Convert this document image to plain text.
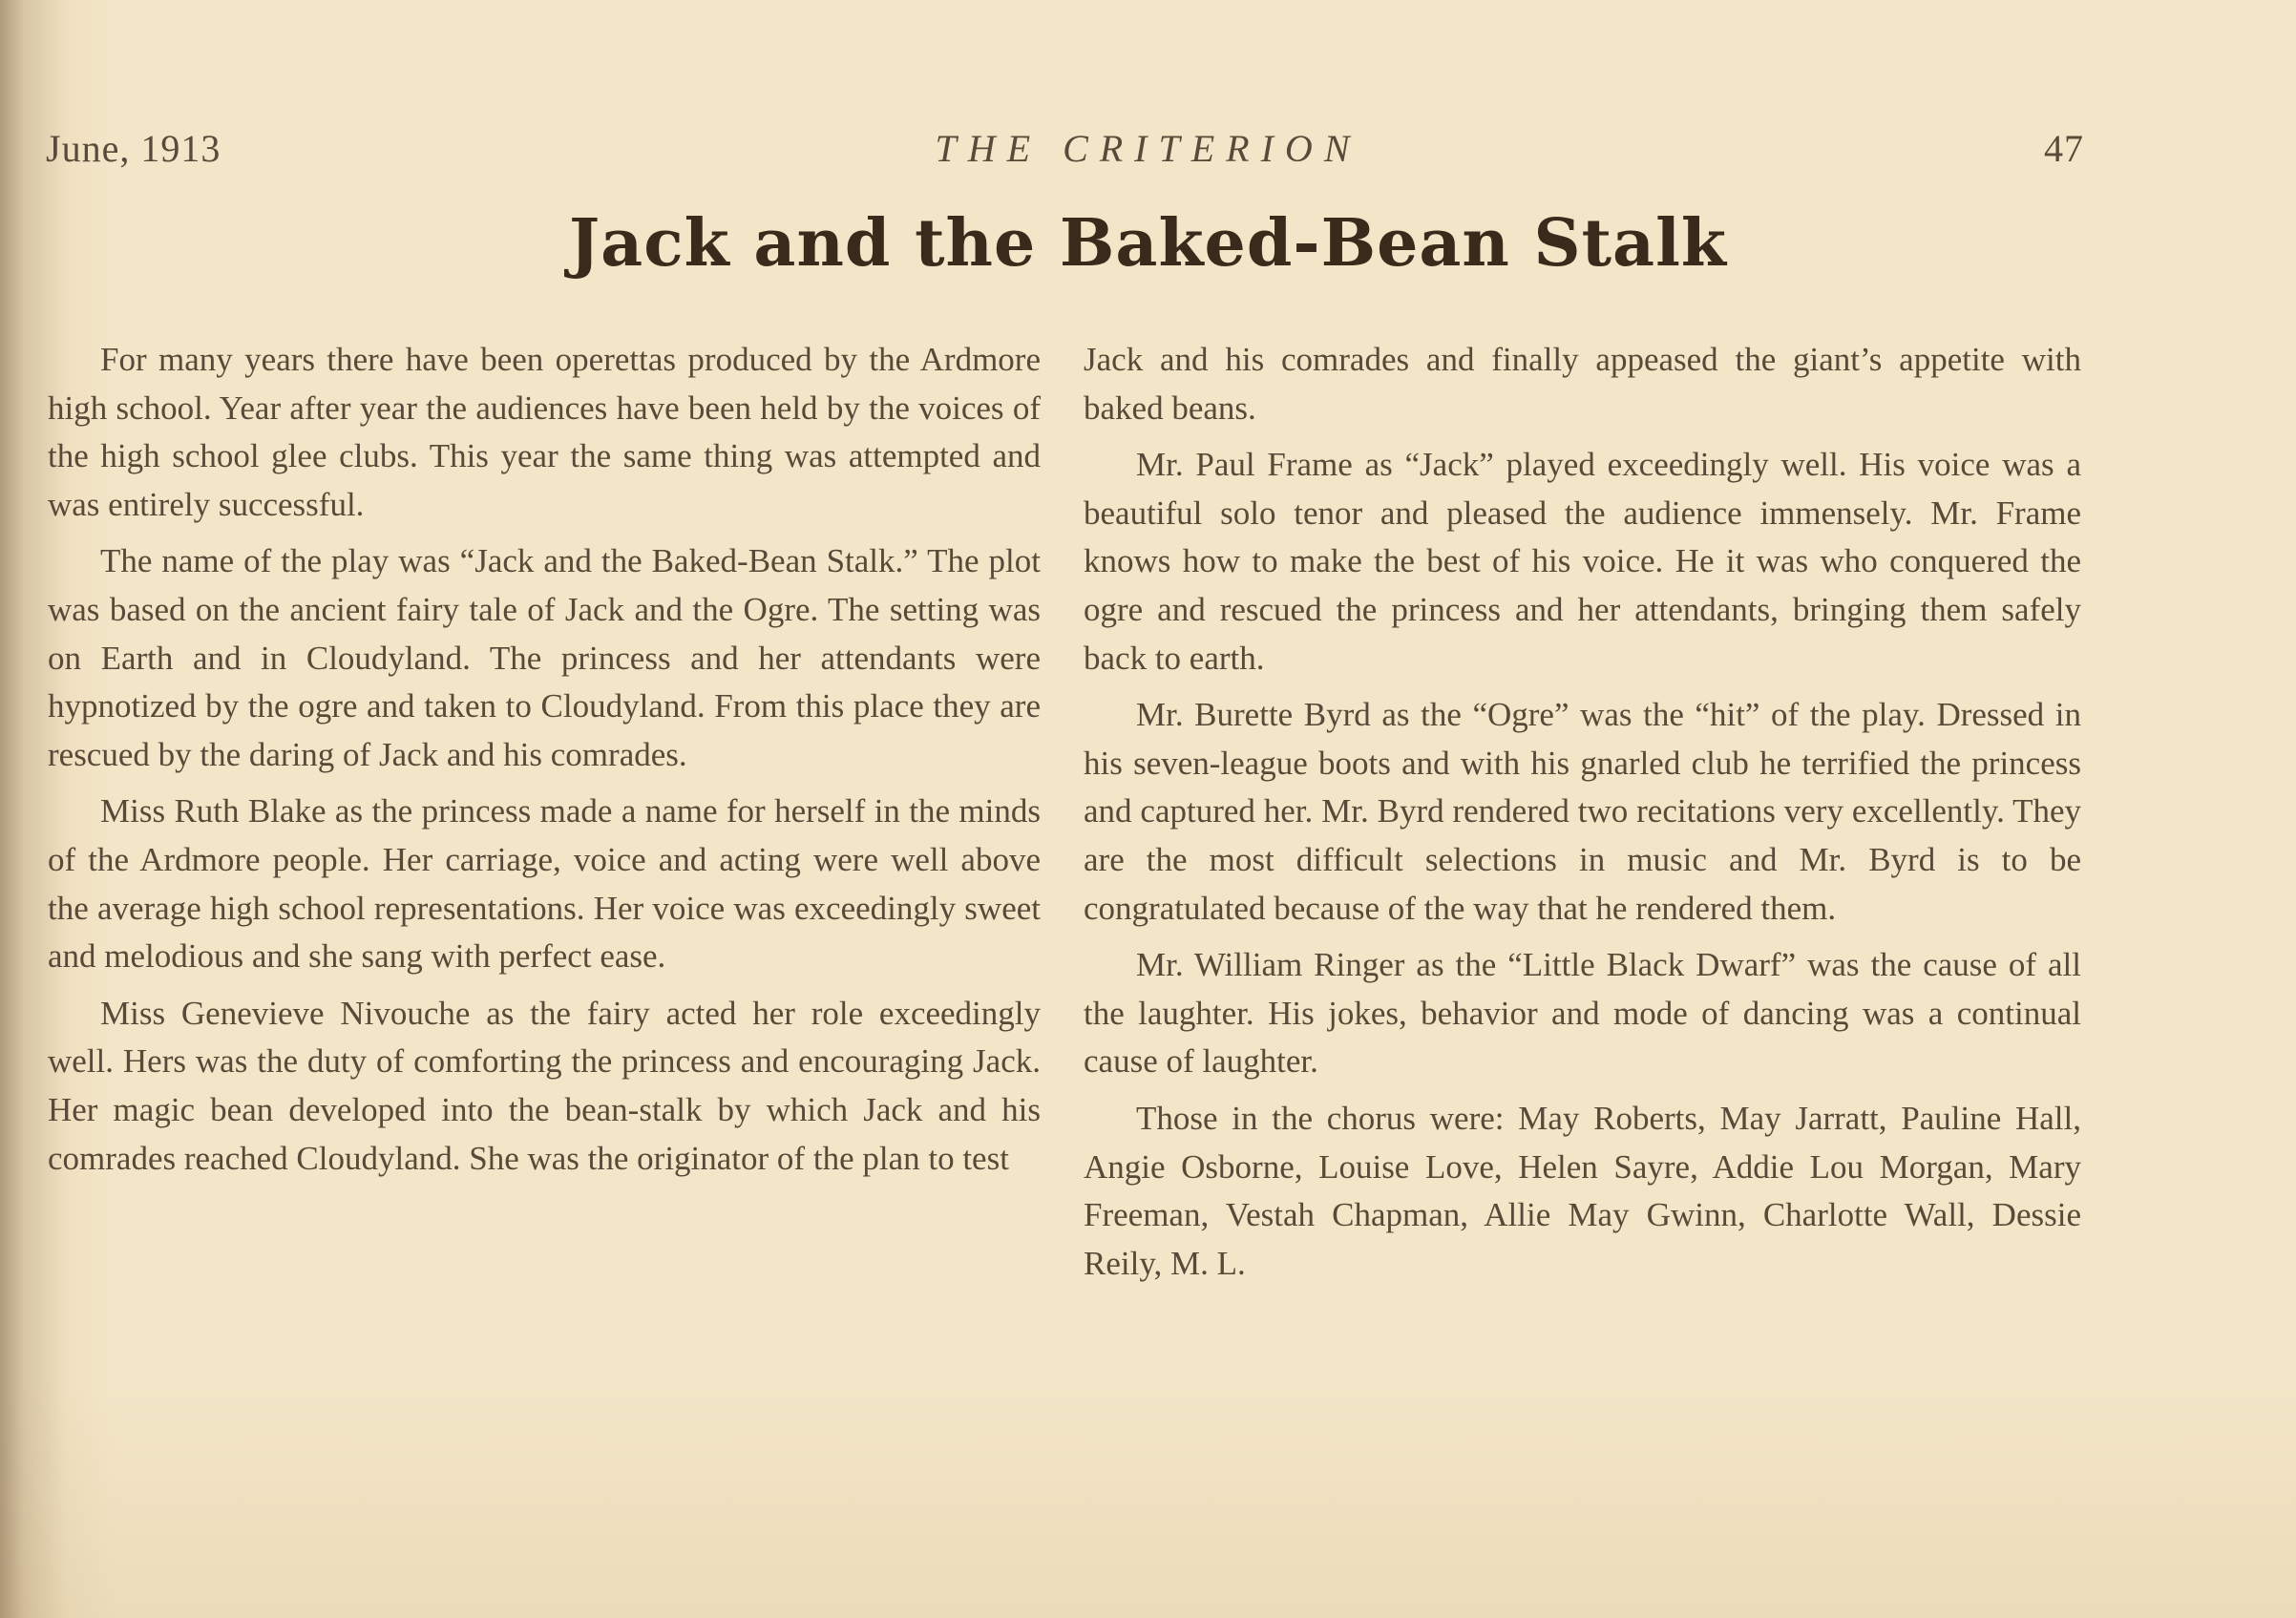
June, 1913	THE CRITERION	47
Jack and the Baked-Bean Stalk

For many years there have been operettas produced by the Ardmore high school. Year after year the audiences have been held by the voices of the high school glee clubs. This year the same thing was attempted and was entirely successful.

The name of the play was “Jack and the Baked-Bean Stalk.” The plot was based on the ancient fairy tale of Jack and the Ogre. The setting was on Earth and in Cloudyland. The princess and her attendants were hypnotized by the ogre and taken to Cloudyland. From this place they are rescued by the daring of Jack and his comrades.

Miss Ruth Blake as the princess made a name for herself in the minds of the Ardmore people. Her carriage, voice and acting were well above the average high school representations. Her voice was exceedingly sweet and melodious and she sang with perfect ease.

Miss Genevieve Nivouche as the fairy acted her role exceedingly well. Hers was the duty of comforting the princess and encouraging Jack. Her magic bean developed into the bean-stalk by which Jack and his comrades reached Cloudyland. She was the originator of the plan to test

Jack and his comrades and finally appeased the giant’s appetite with baked beans.

Mr. Paul Frame as “Jack” played exceedingly well. His voice was a beautiful solo tenor and pleased the audience immensely. Mr. Frame knows how to make the best of his voice. He it was who conquered the ogre and rescued the princess and her attendants, bringing them safely back to earth.

Mr. Burette Byrd as the “Ogre” was the “hit” of the play. Dressed in his seven-league boots and with his gnarled club he terrified the princess and captured her. Mr. Byrd rendered two recitations very excellently. They are the most difficult selections in music and Mr. Byrd is to be congratulated because of the way that he rendered them.

Mr. William Ringer as the “Little Black Dwarf” was the cause of all the laughter. His jokes, behavior and mode of dancing was a continual cause of laughter.

Those in the chorus were: May Roberts, May Jarratt, Pauline Hall, Angie Osborne, Louise Love, Helen Sayre, Addie Lou Morgan, Mary Freeman, Vestah Chapman, Allie May Gwinn, Charlotte Wall, Dessie Reily, M. L.
